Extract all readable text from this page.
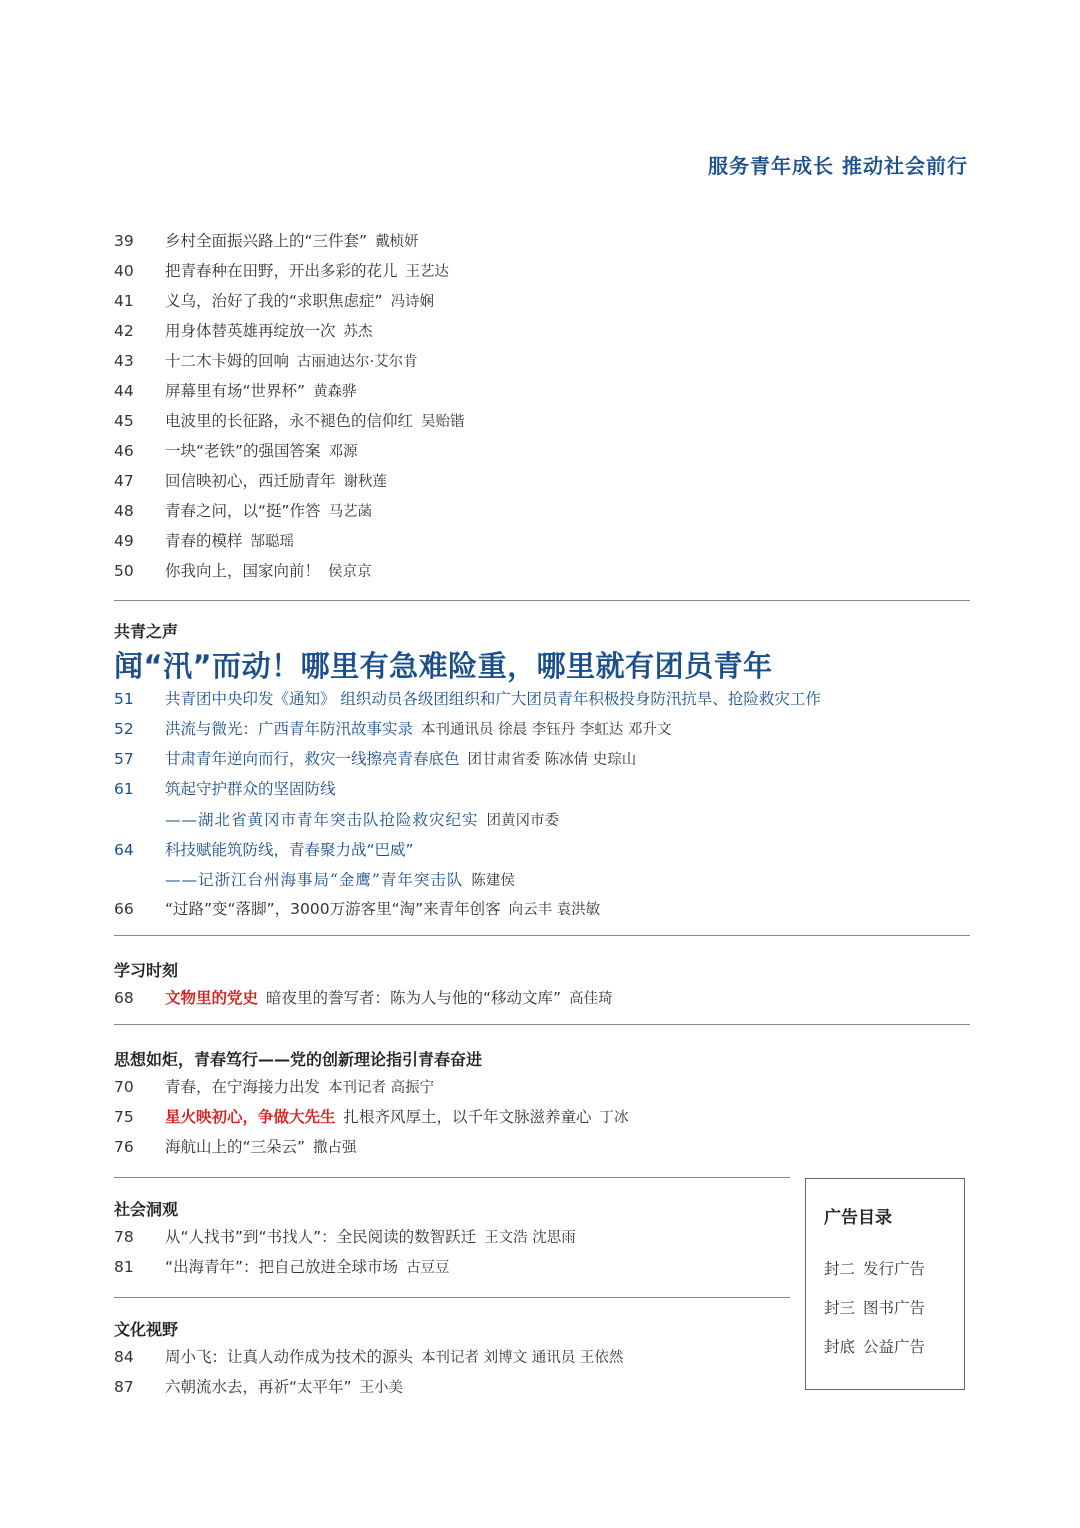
服务青年成长 推动社会前行
39 乡村全面振兴路上的“三件套” 戴桢妍
40 把青春种在田野，开出多彩的花儿 王艺达
41 义乌，治好了我的“求职焦虑症” 冯诗娴
42 用身体替英雄再绽放一次 苏杰
43 十二木卡姆的回响 古丽迪达尔·艾尔肯
44 屏幕里有场“世界杯” 黄森骅
45 电波里的长征路，永不褪色的信仰红 吴贻锴
46 一块“老铁”的强国答案 邓源
47 回信映初心，西迁励青年 谢秋莲
48 青春之问，以“挺”作答 马艺菡
49 青春的模样 郜聪瑶
50 你我向上，国家向前！ 侯京京
共青之声
闻“汛”而动！哪里有急难险重，哪里就有团员青年
51 共青团中央印发《通知》 组织动员各级团组织和广大团员青年积极投身防汛抗旱、抢险救灾工作
52 洪流与微光：广西青年防汛故事实录 本刊通讯员 徐晨 李钰丹 李虹达 邓升文
57 甘肃青年逆向而行，救灾一线擦亮青春底色 团甘肃省委 陈冰倩 史琮山
61 筑起守护群众的坚固防线
——湖北省黄冈市青年突击队抢险救灾纪实 团黄冈市委
64 科技赋能筑防线，青春聚力战“巴威”
——记浙江台州海事局“金鹰”青年突击队 陈建侯
66 “过路”变“落脚”，3000万游客里“淘”来青年创客 向云丰 袁洪敏
学习时刻
68 文物里的党史 暗夜里的誊写者：陈为人与他的“移动文库” 高佳琦
思想如炬，青春笃行——党的创新理论指引青春奋进
70 青春，在宁海接力出发 本刊记者 高振宁
75 星火映初心，争做大先生 扎根齐风厚土，以千年文脉滋养童心 丁冰
76 海航山上的“三朵云” 撒占强
社会洞观
78 从“人找书”到“书找人”：全民阅读的数智跃迁 王文浩 沈思雨
81 “出海青年”：把自己放进全球市场 古豆豆
文化视野
84 周小飞：让真人动作成为技术的源头 本刊记者 刘博文 通讯员 王依然
87 六朝流水去，再祈“太平年” 王小美
广告目录
封二 发行广告
封三 图书广告
封底 公益广告
